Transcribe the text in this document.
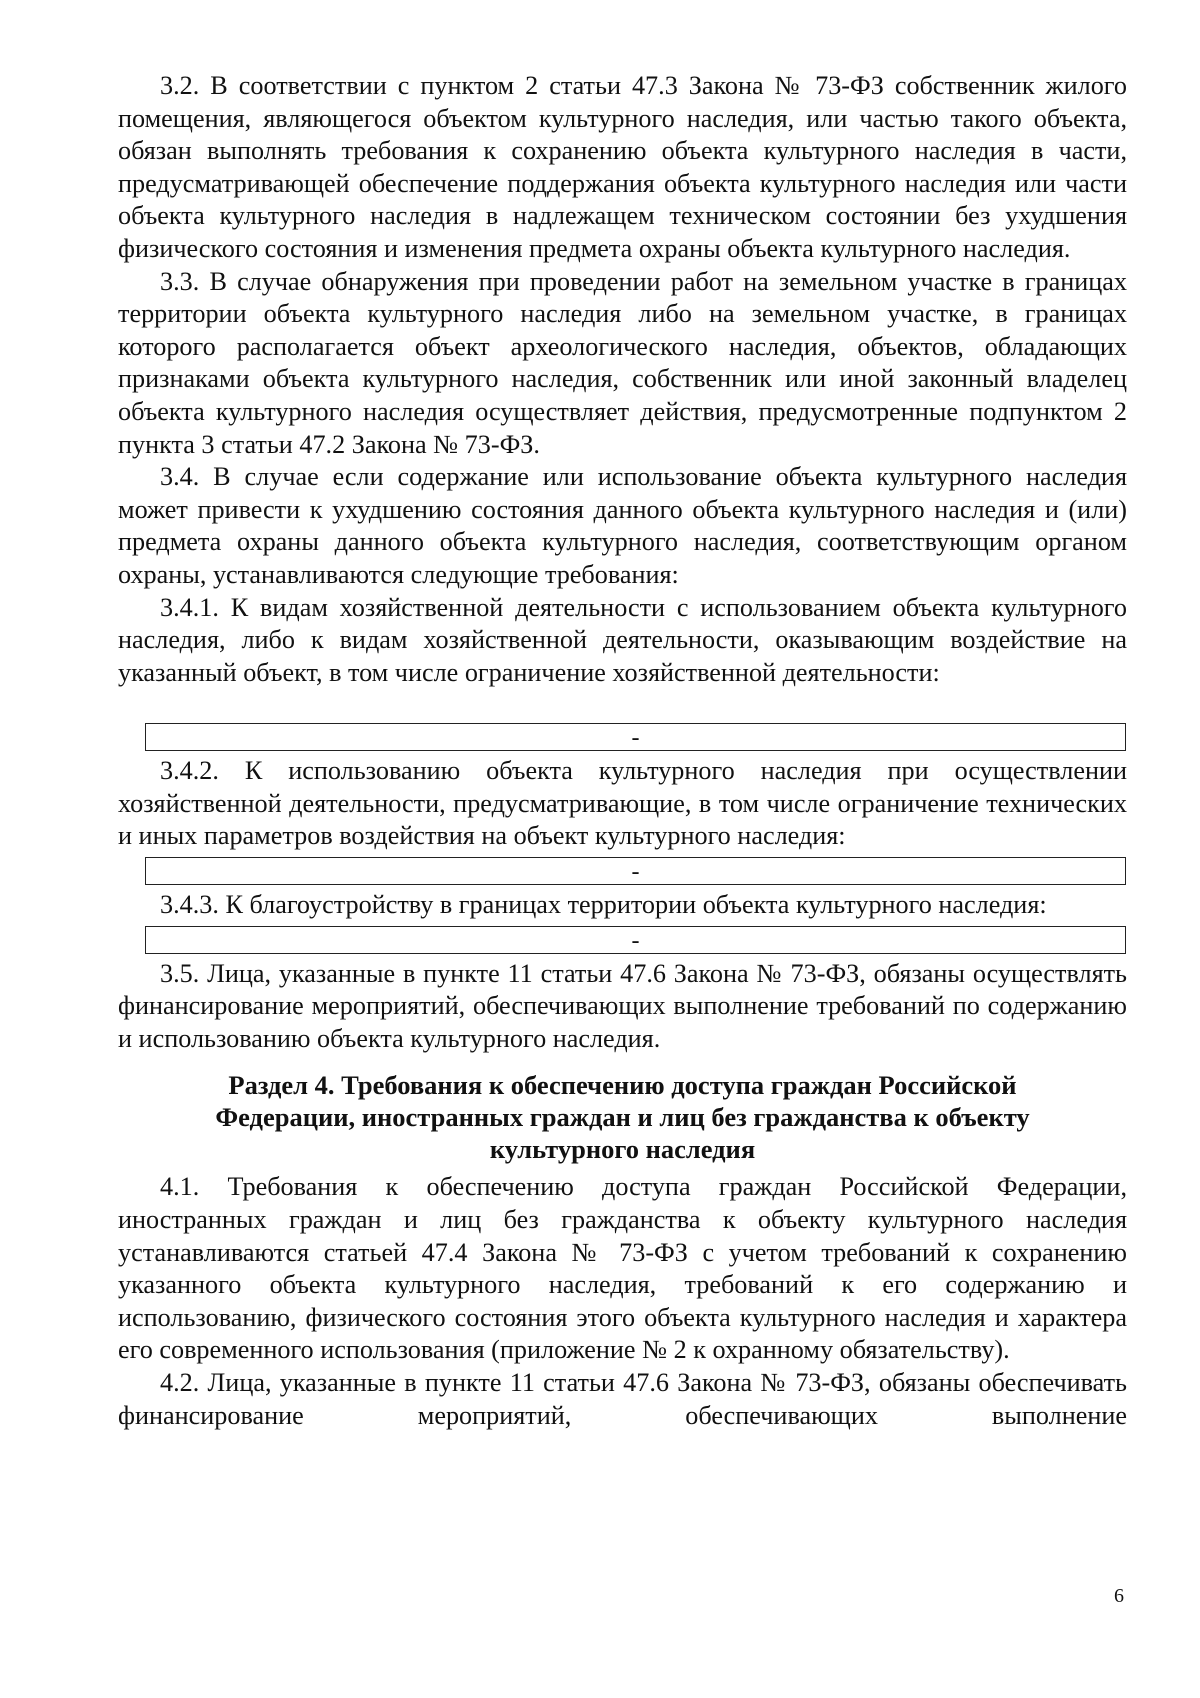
3.2. В соответствии с пунктом 2 статьи 47.3 Закона № 73-ФЗ собственник жилого помещения, являющегося объектом культурного наследия, или частью такого объекта, обязан выполнять требования к сохранению объекта культурного наследия в части, предусматривающей обеспечение поддержания объекта культурного наследия или части объекта культурного наследия в надлежащем техническом состоянии без ухудшения физического состояния и изменения предмета охраны объекта культурного наследия.

3.3. В случае обнаружения при проведении работ на земельном участке в границах территории объекта культурного наследия либо на земельном участке, в границах которого располагается объект археологического наследия, объектов, обладающих признаками объекта культурного наследия, собственник или иной законный владелец объекта культурного наследия осуществляет действия, предусмотренные подпунктом 2 пункта 3 статьи 47.2 Закона № 73-ФЗ.

3.4. В случае если содержание или использование объекта культурного наследия может привести к ухудшению состояния данного объекта культурного наследия и (или) предмета охраны данного объекта культурного наследия, соответствующим органом охраны, устанавливаются следующие требования:

3.4.1. К видам хозяйственной деятельности с использованием объекта культурного наследия, либо к видам хозяйственной деятельности, оказывающим воздействие на указанный объект, в том числе ограничение хозяйственной деятельности:

-

3.4.2. К использованию объекта культурного наследия при осуществлении хозяйственной деятельности, предусматривающие, в том числе ограничение технических и иных параметров воздействия на объект культурного наследия:

-

3.4.3. К благоустройству в границах территории объекта культурного наследия:

-

3.5. Лица, указанные в пункте 11 статьи 47.6 Закона № 73-ФЗ, обязаны осуществлять финансирование мероприятий, обеспечивающих выполнение требований по содержанию и использованию объекта культурного наследия.

Раздел 4. Требования к обеспечению доступа граждан Российской
Федерации, иностранных граждан и лиц без гражданства к объекту
культурного наследия

4.1. Требования к обеспечению доступа граждан Российской Федерации, иностранных граждан и лиц без гражданства к объекту культурного наследия устанавливаются статьей 47.4 Закона № 73-ФЗ с учетом требований к сохранению указанного объекта культурного наследия, требований к его содержанию и использованию, физического состояния этого объекта культурного наследия и характера его современного использования (приложение № 2 к охранному обязательству).

4.2. Лица, указанные в пункте 11 статьи 47.6 Закона № 73-ФЗ, обязаны обеспечивать финансирование мероприятий, обеспечивающих выполнение

6
